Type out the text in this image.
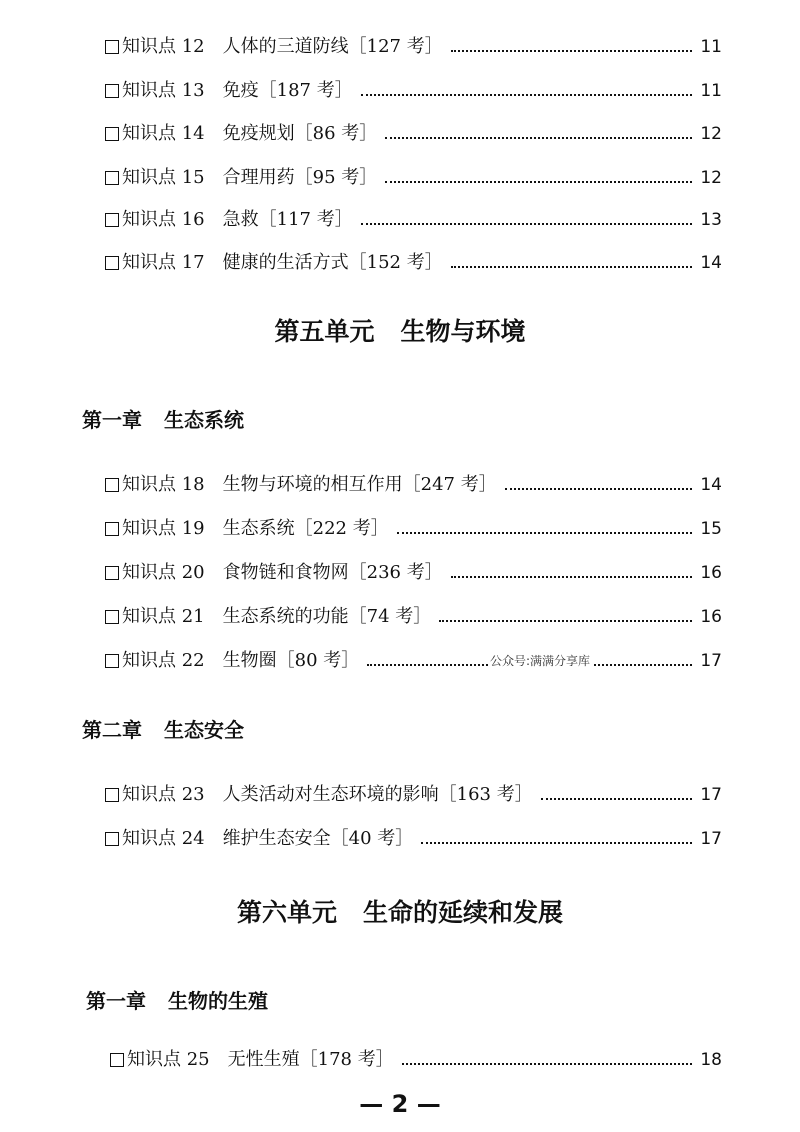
知识点 12 人体的三道防线［127 考］	11
知识点 13 免疫［187 考］	11
知识点 14 免疫规划［86 考］	12
知识点 15 合理用药［95 考］	12
知识点 16 急救［117 考］	13
知识点 17 健康的生活方式［152 考］	14
第五单元 生物与环境
第一章 生态系统
知识点 18 生物与环境的相互作用［247 考］	14
知识点 19 生态系统［222 考］	15
知识点 20 食物链和食物网［236 考］	16
知识点 21 生态系统的功能［74 考］	16
知识点 22 生物圈［80 考］	17
公众号:满满分享库
第二章 生态安全
知识点 23 人类活动对生态环境的影响［163 考］	17
知识点 24 维护生态安全［40 考］	17
第六单元 生命的延续和发展
第一章 生物的生殖
知识点 25 无性生殖［178 考］	18
— 2 —
